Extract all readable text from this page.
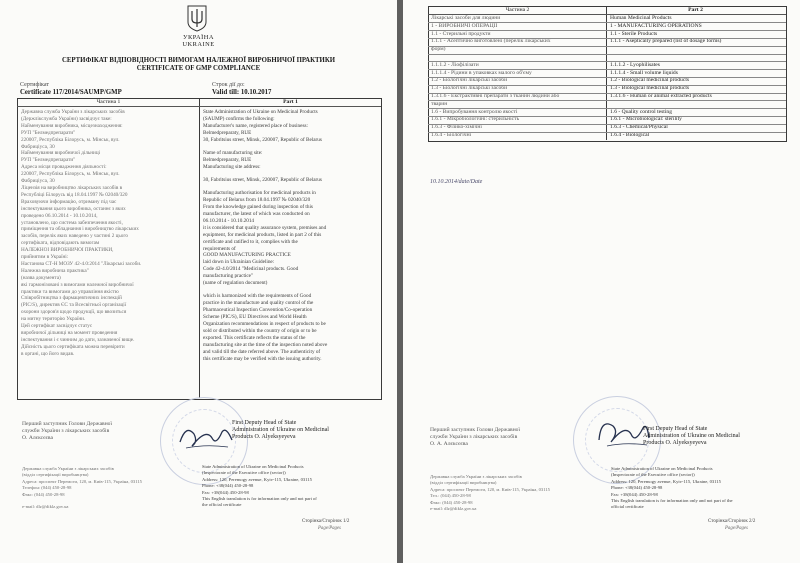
УКРАЇНА
UKRAINE
СЕРТИФІКАТ ВІДПОВІДНОСТІ ВИМОГАМ НАЛЕЖНОЇ ВИРОБНИЧОЇ ПРАКТИКИ
CERTIFICATE OF GMP COMPLIANCE
Сертифікат
Certificate 117/2014/SAUMP/GMP
Строк дії до:
Valid till: 10.10.2017
Частина 1	Part 1
Державна служба України з лікарських засобів
(Держлікслужба України) засвідчує таке:
Найменування виробника, місцезнаходження:
РУП "Белмедпрепарати"
220007, Республіка Білорусь, м. Мінськ, вул.
Фабриціуса, 30
Найменування виробничої дільниці
РУП "Белмедпрепарати"
Адреса місця провадження діяльності:
220007, Республіка Білорусь, м. Мінськ, вул.
Фабриціуса, 30
Ліцензія на виробництво лікарських засобів в
Республіці Білорусь від 18.04.1997 № 02040/320
Враховуючи інформацію, отриману під час
інспектування цього виробника, останнє з яких
проведено 06.10.2014 - 10.10.2014,
установлено, що система забезпечення якості,
приміщення та обладнання і виробництво лікарських
засобів, перелік яких наведено у частині 2 цього
сертифіката, відповідають вимогам
НАЛЕЖНОЇ ВИРОБНИЧОЇ ПРАКТИКИ,
прийнятим в Україні:
Настанова СТ-Н МОЗУ 42-4.0:2014 "Лікарські засоби.
Належна виробнича практика"
(назва документа)
які гармонізовані з вимогами належної виробничої
практики та вимогами до управління якістю
Співробітництва з фармацевтичних інспекцій
(PIC/S), директив ЄС та Всесвітньої організації
охорони здоров'я щодо продукції, що ввозиться
на митну територію України.
Цей сертифікат засвідчує статус
виробничої дільниці на момент проведення
інспектування і є чинним до дати, зазначеної вище.
Дійсність цього сертифіката можна перевірити
в органі, що його видав.
State Administration of Ukraine on Medicinal Products
(SAUMP) confirms the following:
Manufacturer's name, registered place of business:
Belmedpreparaty, RUE
30, Fabritsius street, Minsk, 220007, Republic of Belarus
Name of manufacturing site:
Belmedpreparaty, RUE
Manufacturing site address:
30, Fabritsius street, Minsk, 220007, Republic of Belarus
Manufacturing authorisation for medicinal products in
Republic of Belarus from 18.04.1997 № 02040/320
From the knowledge gained during inspection of this
manufacturer, the latest of which was conducted on
06.10.2014 - 10.10.2014
it is considered that quality assurance system, premises and
equipment, for medicinal products, listed in part 2 of this
certificate and ratified to it, complies with the
requirements of
GOOD MANUFACTURING PRACTICE
laid down in Ukrainian Guideline:
Code 42-4.0/2014 "Medicinal products. Good
manufacturing practice"
(name of regulation document)
which is harmonized with the requirements of Good
practice in the manufacture and quality control of the
Pharmaceutical Inspection Convention/Co-operation
Scheme (PIC/S), EU Directives and World Health
Organization recommendations in respect of products to be
sold or distributed within the country of origin or to be
exported. This certificate reflects the status of the
manufacturing site at the time of the inspection noted above
and valid till the date referred above. The authenticity of
this certificate may be verified with the issuing authority.
Перший заступник Голови Державної
служби України з лікарських засобів
О. Алєксєєва
First Deputy Head of State
Administration of Ukraine on Medicinal
Products O. Alyeksyeyeva
Державна служба України з лікарських засобів
(відділ сертифікації виробництва)
Адреса: проспект Перемоги, 120, м. Київ-115, Україна, 03115
Телефон: (044) 450-28-98
Факс: (044) 450-28-98
e-mail: dlz@diklz.gov.ua
State Administration of Ukraine on Medicinal Products
(Inspectorate of the Executive office (sector))
Address: 120, Peremogy avenue, Kyiv-115, Ukraine, 03115
Phone: +38(044) 450-28-98
Fax: +38(044) 450-28-98
This English translation is for information only and not part of
the official certificate
Сторінка/Сторінок 1/2
Page/Pages
Частина 2	Part 2
Лікарські засоби для людини	Human Medicinal Products
1 - ВИРОБНИЧІ ОПЕРАЦІЇ	1 - MANUFACTURING OPERATIONS
1.1 - Стерильні продукти	1.1 - Sterile Products
1.1.1 - Асептично виготовлені (перелік лікарських	1.1.1 - Aseptically prepared (list of dosage forms)
форм)
1.1.1.2 - Ліофілізати	1.1.1.2 - Lyophilisates
1.1.1.4 - Рідини в упаковках малого об'єму	1.1.1.4 - Small volume liquids
1.2 - Біологічні лікарські засоби	1.2 - Biological medicinal products
1.3 - Біологічні лікарські засоби	1.3 - Biological medicinal products
1.3.1.6 - Екстрактивні препарати з тканин людини або	1.3.1.6 - Human or animal extracted products
тварин
1.6 - Випробування контролю якості	1.6 - Quality control testing
1.6.1 - Мікробіологічні: стерильність	1.6.1 - Microbiological: sterility
1.6.3 - Фізико-хімічні	1.6.3 - Chemical/Physical
1.6.4 - Біологічні	1.6.4 - Biological
10.10.2014/date/Date
Перший заступник Голови Державної
служби України з лікарських засобів
О. А. Алєксєєва
First Deputy Head of State
Administration of Ukraine on Medicinal
Products O. Alyeksyeyeva
Державна служба України з лікарських засобів
(відділ сертифікації виробництва)
Адреса: проспект Перемоги, 120, м. Київ-115, Україна, 03115
Тел.: (044) 450-28-98
Факс: (044) 450-28-98
e-mail: dlz@diklz.gov.ua
State Administration of Ukraine on Medicinal Products
(Inspectorate of the Executive office (sector))
Address: 120, Peremogy avenue, Kyiv-115, Ukraine, 03115
Phone: +38(044) 450-28-98
Fax: +38(044) 450-28-98
This English translation is for information only and not part of the
official certificate
Сторінка/Сторінок 2/2
Page/Pages
